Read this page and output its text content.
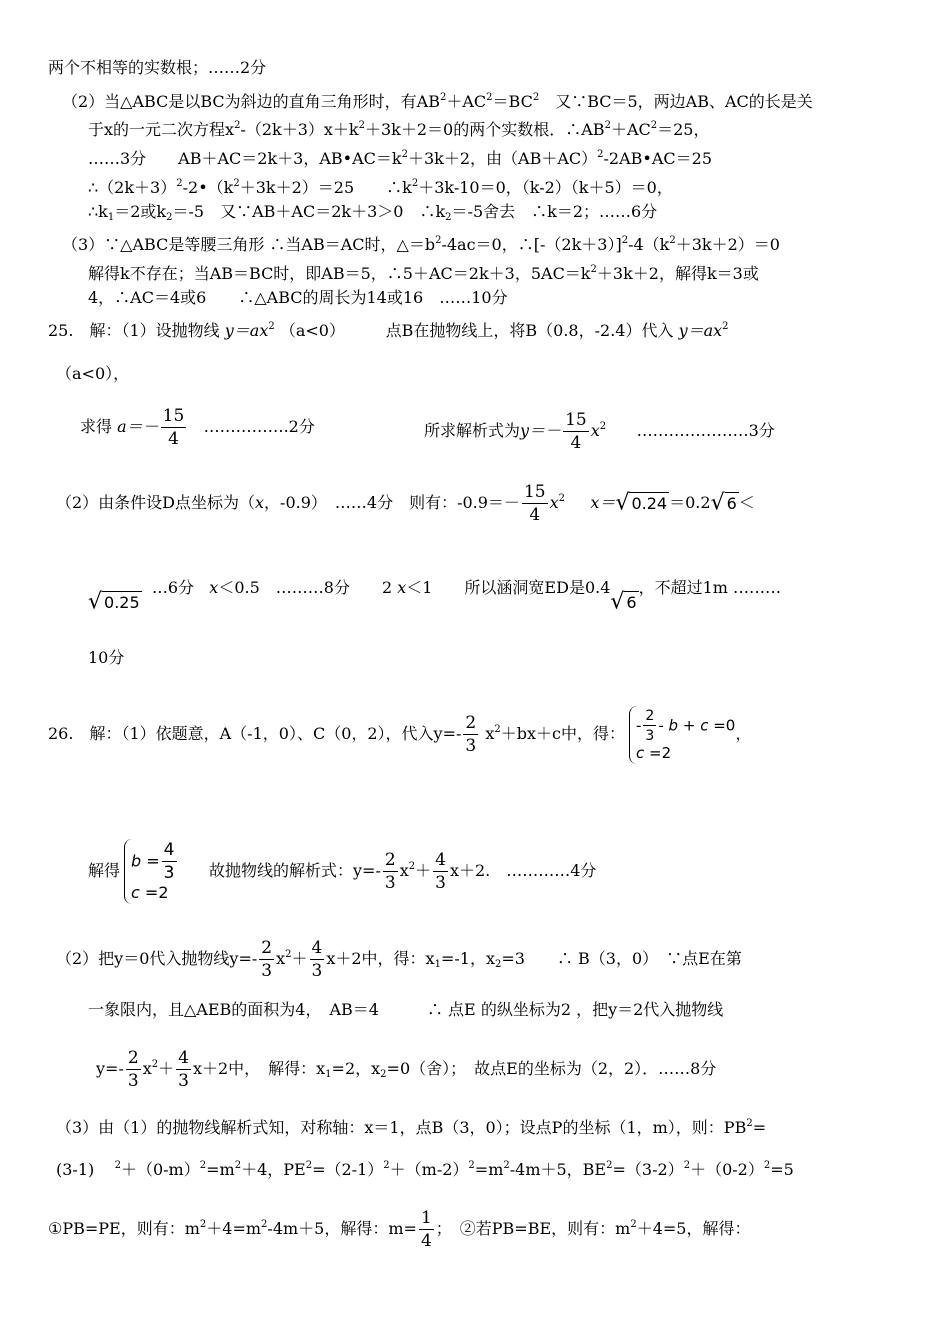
两个不相等的实数根；……2分
（2）当△ABC是以BC为斜边的直角三角形时，有$AB^2+AC^2=BC^2$　又∵BC＝5，两边AB、AC的长是关
于x的一元二次方程$x^2-(2k+3)x+k^2+3k+2=0$的两个实数根．$\therefore AB^2+AC^2=25$，
……3分　　AB＋AC＝2k＋3，$AB•AC=k^2+3k+2$，由$(AB+AC)^2-2AB•AC=25$
$\therefore(2k+3)^2-2•(k^2+3k+2)=25$　　$\therefore k^2+3k-10=0$，（k-2）（k＋5）＝0，
$\therefore k_1=2$或$k_2=-5$　又∵AB＋AC＝2k＋3＞0　$\therefore k_2=-5$舍去　∴k＝2；……6分
（3）∵△ABC是等腰三角形 ∴当AB＝AC时，$\triangle=b^2-4ac=0$，$\therefore[-(2k+3)]^2-4(k^2+3k+2)=0$
解得k不存在；当AB＝BC时，即AB＝5，∴5＋AC＝2k＋3，$5AC=k^2+3k+2$，解得k＝3或
4，∴AC＝4或6　　∴△ABC的周长为14或16　……10分
25.　解：（1）设抛物线 $y=ax^2$ （a<0）	点B在抛物线上，将B（0.8，-2.4）代入 $y=ax^2$
（a<0），
求得 $a=- \frac{15}{4}$ …………….2分	所求解析式为$y=- \frac{15}{4} x^2$ …………………3分
（2）由条件设D点坐标为（x，-0.9）　……4分　则有：$-0.9=- \frac{15}{4} x^2$ x＝√ 0.24 ＝0.2√ 6 ＜
√ 0.25  …6分 x＜0.5　………8分　　2 x＜1　　所以涵洞宽ED是0.4√ 6，不超过1m ………
10分
26.　解：（1）依题意，A（-1，0）、C（0，2），代入$y=- \frac{2}{3} x^2+bx+c$中，得： - $\frac{2}{3} - b + c =0$
c =2
，
解得 $b = \frac{4}{3}$
c =2
故抛物线的解析式：$y=- \frac{2}{3} x^2+ \frac{4}{3} x+2$.　…………4分
（2）把y＝0代入抛物线$y=- \frac{2}{3} x^2+ \frac{4}{3} x+2$中，得：$x_1=-1$，$x_2=3$　　∴ B（3，0）　∵点E在第
一象限内，且△AEB的面积为4，　AB＝4　　　∴ 点E 的纵坐标为2 ，把y＝2代入抛物线
$y=- \frac{2}{3} x^2+ \frac{4}{3} x+2$中，　解得：$x_1=2$，$x_2=0$（舍）；　故点E的坐标为（2，2）．……8分
（3）由（1）的抛物线解析式知，对称轴：x＝1，点B（3，0）；设点P的坐标（1，m），则：$PB^2=$
(3-1) $^2+(0-m)^2=m^2+4$，$PE^2=(2-1)^2+(m-2)^2=m^2-4m+5$，$BE^2=(3-2)^2+(0-2)^2=5$
①PB=PE，则有：$m^2+4=m^2-4m+5$，解得：$m= \frac{1}{4}$ ；　②若PB=BE，则有：$m^2+4=5$，解得：
